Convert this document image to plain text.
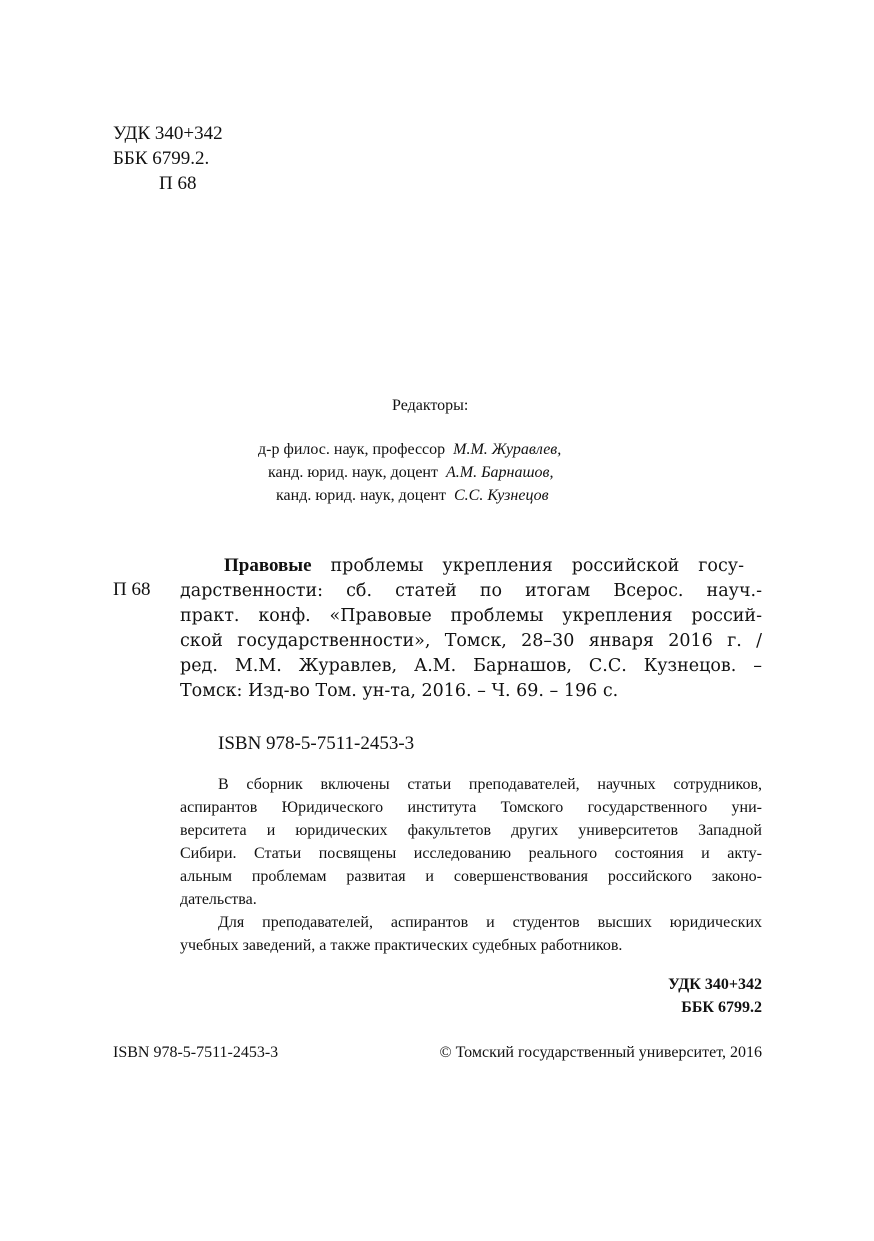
УДК 340+342
ББК 6799.2.
П 68
Редакторы:
д-р филос. наук, профессор М.М. Журавлев,
канд. юрид. наук, доцент А.М. Барнашов,
канд. юрид. наук, доцент С.С. Кузнецов
П 68
Правовые проблемы укрепления российской госу-
дарственности: сб. статей по итогам Всерос. науч.-
практ. конф. «Правовые проблемы укрепления россий-
ской государственности», Томск, 28–30 января 2016 г. /
ред. М.М. Журавлев, А.М. Барнашов, С.С. Кузнецов. –
Томск: Изд-во Том. ун-та, 2016. – Ч. 69. – 196 с.
ISBN 978-5-7511-2453-3
В сборник включены статьи преподавателей, научных сотрудников,
аспирантов Юридического института Томского государственного уни-
верситета и юридических факультетов других университетов Западной
Сибири. Статьи посвящены исследованию реального состояния и акту-
альным проблемам развитая и совершенствования российского законо-
дательства.
Для преподавателей, аспирантов и студентов высших юридических
учебных заведений, а также практических судебных работников.
УДК 340+342
ББК 6799.2
ISBN 978-5-7511-2453-3	© Томский государственный университет, 2016
